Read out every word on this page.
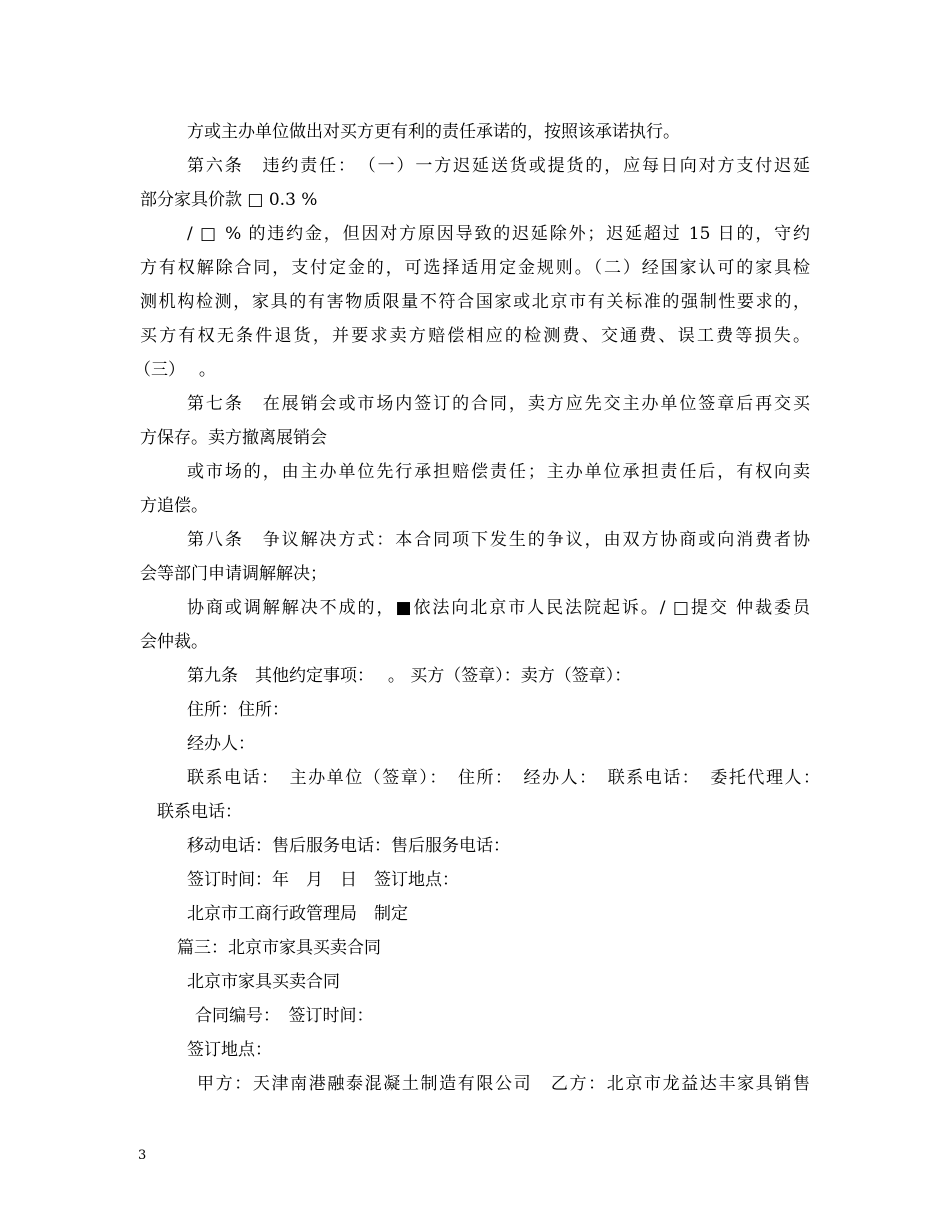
方或主办单位做出对买方更有利的责任承诺的，按照该承诺执行。
第六条　违约责任：　（一）一方迟延送货或提货的，应每日向对方支付迟延
部分家具价款 □ 0.3 %
/ □ % 的违约金，但因对方原因导致的迟延除外；迟延超过 15 日的，守约
方有权解除合同，支付定金的，可选择适用定金规则。（二）经国家认可的家具检
测机构检测，家具的有害物质限量不符合国家或北京市有关标准的强制性要求的，
买方有权无条件退货，并要求卖方赔偿相应的检测费、交通费、误工费等损失。
（三）　 。
第七条　在展销会或市场内签订的合同，卖方应先交主办单位签章后再交买
方保存。卖方撤离展销会
或市场的，由主办单位先行承担赔偿责任；主办单位承担责任后，有权向卖
方追偿。
第八条　争议解决方式：本合同项下发生的争议，由双方协商或向消费者协
会等部门申请调解解决；
协商或调解解决不成的，■依法向北京市人民法院起诉。/ □提交 仲裁委员
会仲裁。
第九条　其他约定事项：　 。 买方（签章）：卖方（签章）：
住所：住所：
经办人：
联系电话：　主办单位（签章）：　住所：　经办人：　联系电话：　委托代理人：
联系电话：
移动电话：售后服务电话：售后服务电话：
签订时间：年　月　日　签订地点：
北京市工商行政管理局　制定
篇三：北京市家具买卖合同
北京市家具买卖合同
合同编号：　签订时间：
签订地点：
甲方：天津南港融泰混凝土制造有限公司　乙方：北京市龙益达丰家具销售
3
